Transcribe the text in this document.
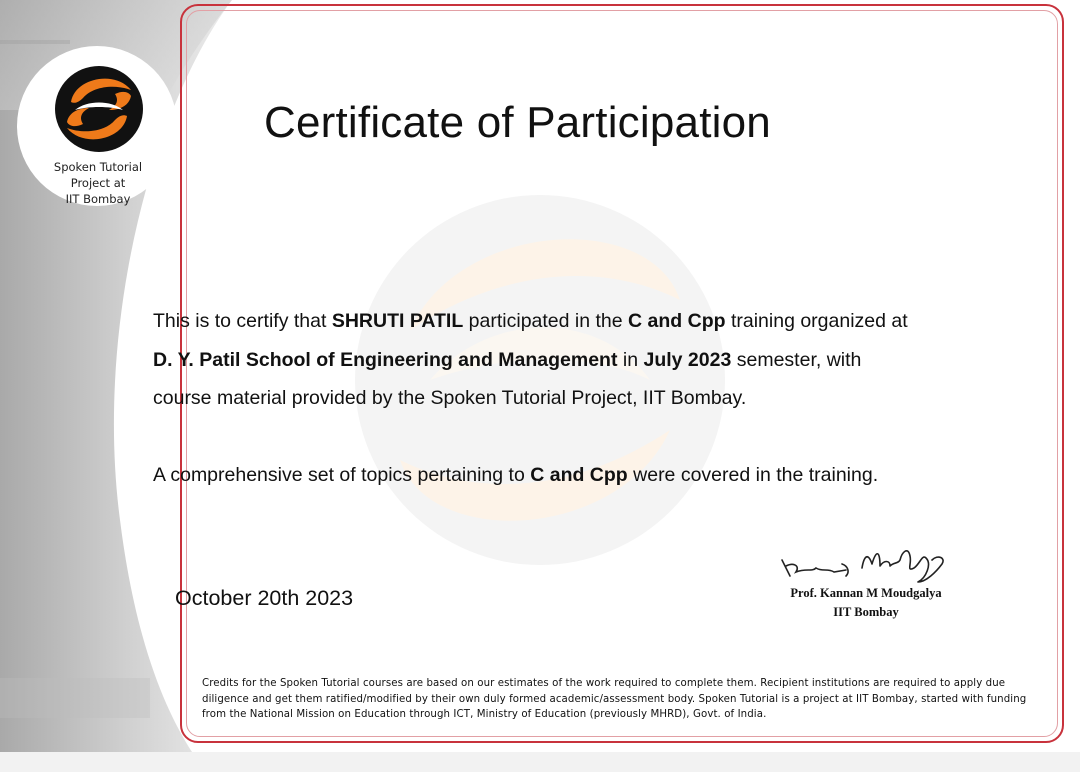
Spoken Tutorial
Project at
IIT Bombay
Certificate of Participation
This is to certify that SHRUTI PATIL participated in the C and Cpp training organized at
D. Y. Patil School of Engineering and Management in July 2023 semester, with
course material provided by the Spoken Tutorial Project, IIT Bombay.
A comprehensive set of topics pertaining to C and Cpp were covered in the training.
October 20th 2023	Prof. Kannan M Moudgalya
IIT Bombay

Credits for the Spoken Tutorial courses are based on our estimates of the work required to complete them. Recipient institutions are required to apply due diligence and get them ratified/modified by their own duly formed academic/assessment body. Spoken Tutorial is a project at IIT Bombay, started with funding from the National Mission on Education through ICT, Ministry of Education (previously MHRD), Govt. of India.
